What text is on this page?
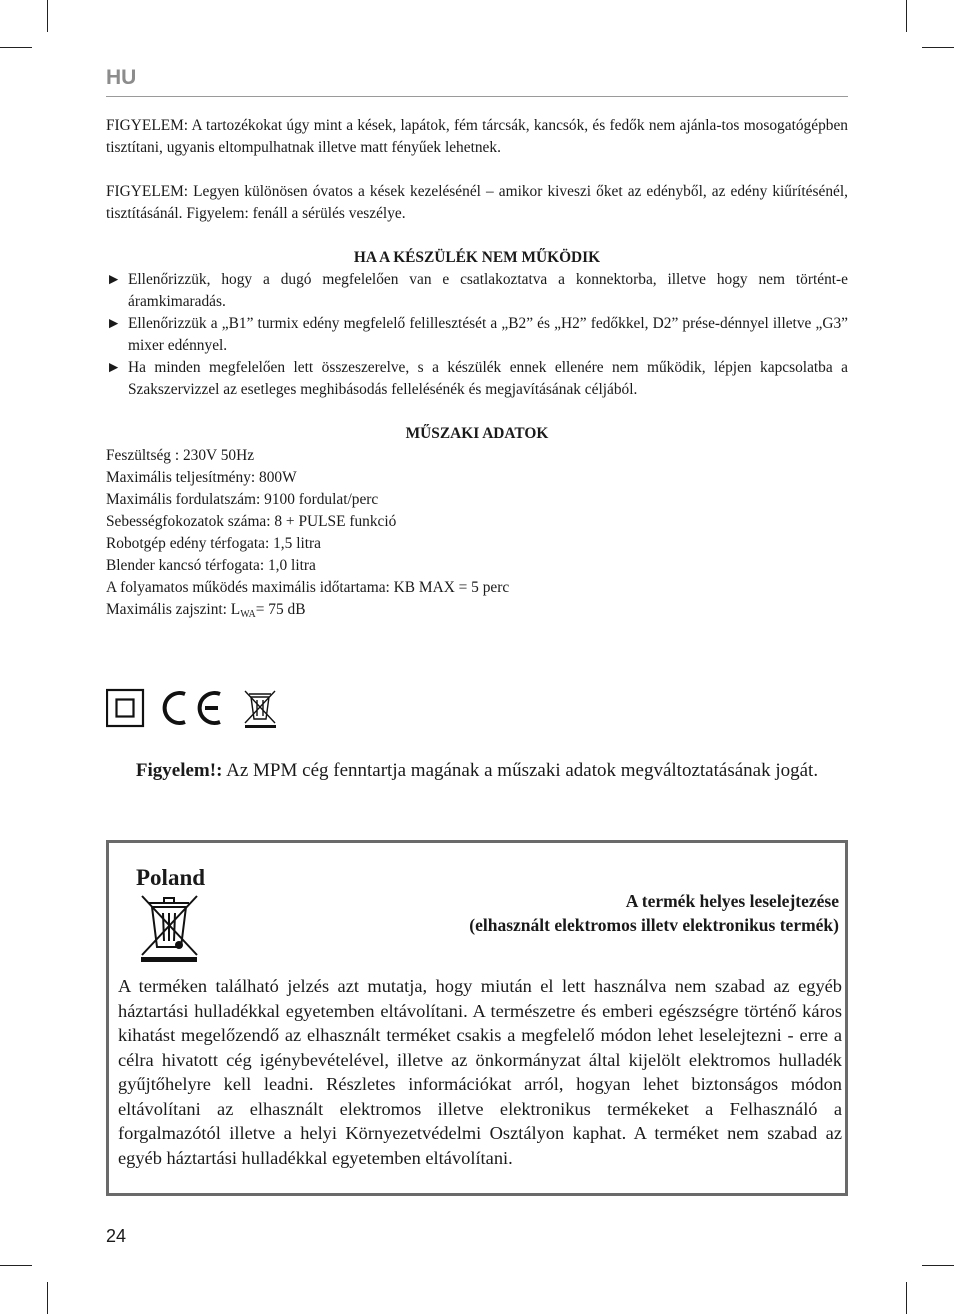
HU

FIGYELEM: A tartozékokat úgy mint a kések, lapátok, fém tárcsák, kancsók, és fedők nem ajánla-tos mosogatógépben tisztítani, ugyanis eltompulhatnak illetve matt fényűek lehetnek.

FIGYELEM: Legyen különösen óvatos a kések kezelésénél – amikor kiveszi őket az edényből, az edény kiűrítésénél, tisztításánál. Figyelem: fenáll a sérülés veszélye.

HA A KÉSZÜLÉK NEM MŰKÖDIK

► Ellenőrizzük, hogy a dugó megfelelően van e csatlakoztatva a konnektorba, illetve hogy nem történt-e áramkimaradás.
► Ellenőrizzük a „B1” turmix edény megfelelő felillesztését a „B2” és „H2” fedőkkel, D2” prése-dénnyel illetve „G3” mixer edénnyel.
► Ha minden megfelelően lett összeszerelve, s a készülék ennek ellenére nem működik, lépjen kapcsolatba a Szakszervizzel az esetleges meghibásodás fellelésénék és megjavításának céljából.

MŰSZAKI ADATOK

Feszültség : 230V 50Hz
Maximális teljesítmény: 800W
Maximális fordulatszám: 9100 fordulat/perc
Sebességfokozatok száma: 8 + PULSE funkció
Robotgép edény térfogata: 1,5 litra
Blender kancsó térfogata: 1,0 litra
A folyamatos működés maximális időtartama: KB MAX = 5 perc
Maximális zajszint: $L_{WA}= 75$ dB
Figyelem!: Az MPM cég fenntartja magának a műszaki adatok megváltoztatásának jogát.
Poland
A termék helyes leselejtezése
(elhasznált elektromos illetv elektronikus termék)
A terméken található jelzés azt mutatja, hogy miután el lett használva nem szabad az egyéb háztartási hulladékkal egyetemben eltávolítani. A természetre és emberi egészségre történő káros kihatást megelőzendő az elhasznált terméket csakis a megfelelő módon lehet leselejtezni - erre a célra hivatott cég igénybevételével, illetve az önkormányzat által kijelölt elektromos hulladék gyűjtőhelyre kell leadni. Részletes információkat arról, hogyan lehet biztonságos módon eltávolítani az elhasznált elektromos illetve elektronikus termékeket a Felhasználó a forgalmazótól illetve a helyi Környezetvédelmi Osztályon kaphat. A terméket nem szabad az egyéb háztartási hulladékkal egyetemben eltávolítani.
24
